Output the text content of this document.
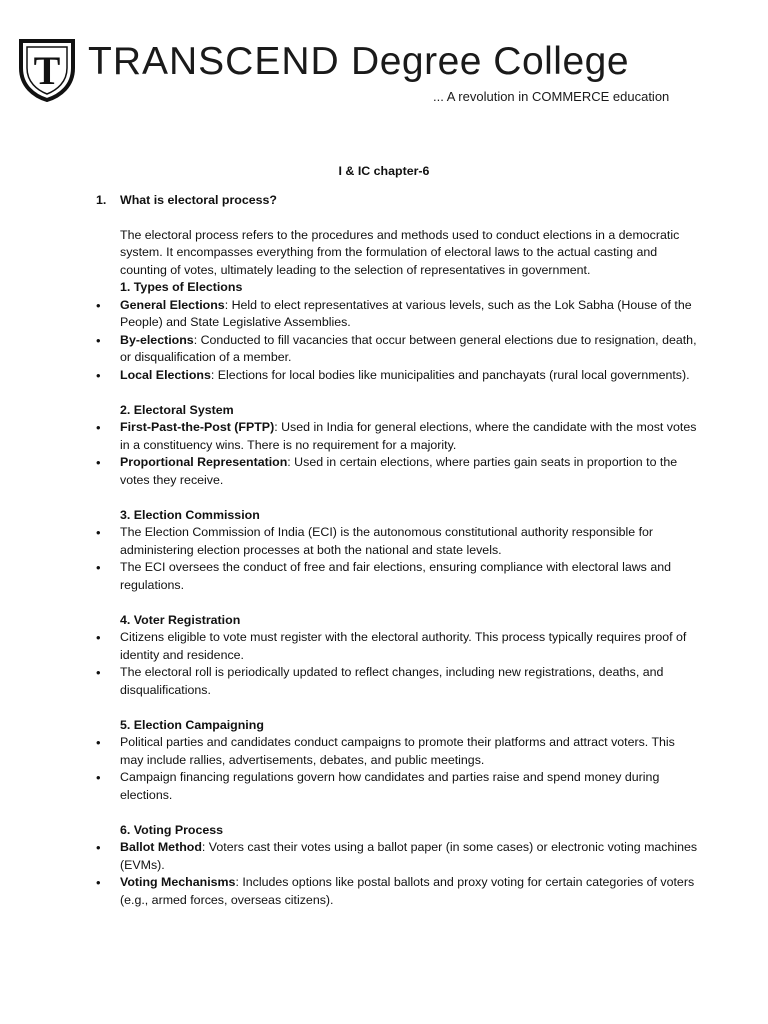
T TRANSCEND Degree College
... A revolution in COMMERCE education
I & IC chapter-6
1. What is electoral process?
The electoral process refers to the procedures and methods used to conduct elections in a democratic system. It encompasses everything from the formulation of electoral laws to the actual casting and counting of votes, ultimately leading to the selection of representatives in government.
1. Types of Elections
• General Elections: Held to elect representatives at various levels, such as the Lok Sabha (House of the People) and State Legislative Assemblies.
• By-elections: Conducted to fill vacancies that occur between general elections due to resignation, death, or disqualification of a member.
• Local Elections: Elections for local bodies like municipalities and panchayats (rural local governments).
2. Electoral System
• First-Past-the-Post (FPTP): Used in India for general elections, where the candidate with the most votes in a constituency wins. There is no requirement for a majority.
• Proportional Representation: Used in certain elections, where parties gain seats in proportion to the votes they receive.
3. Election Commission
• The Election Commission of India (ECI) is the autonomous constitutional authority responsible for administering election processes at both the national and state levels.
• The ECI oversees the conduct of free and fair elections, ensuring compliance with electoral laws and regulations.
4. Voter Registration
• Citizens eligible to vote must register with the electoral authority. This process typically requires proof of identity and residence.
• The electoral roll is periodically updated to reflect changes, including new registrations, deaths, and disqualifications.
5. Election Campaigning
• Political parties and candidates conduct campaigns to promote their platforms and attract voters. This may include rallies, advertisements, debates, and public meetings.
• Campaign financing regulations govern how candidates and parties raise and spend money during elections.
6. Voting Process
• Ballot Method: Voters cast their votes using a ballot paper (in some cases) or electronic voting machines (EVMs).
• Voting Mechanisms: Includes options like postal ballots and proxy voting for certain categories of voters (e.g., armed forces, overseas citizens).
